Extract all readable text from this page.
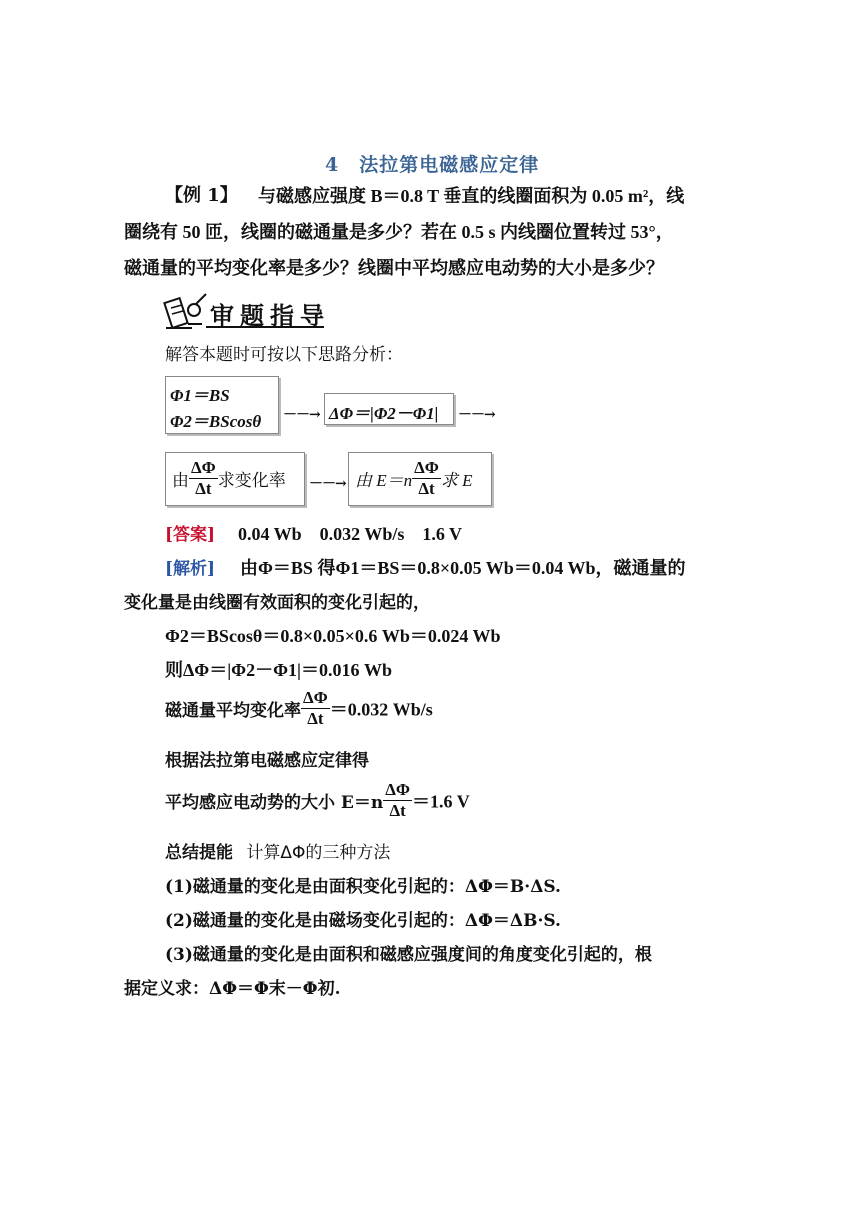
4　法拉第电磁感应定律
【例 1】 与磁感应强度 B＝0.8 T 垂直的线圈面积为 0.05 m²，线
圈绕有 50 匝，线圈的磁通量是多少？若在 0.5 s 内线圈位置转过 53°，
磁通量的平均变化率是多少？线圈中平均感应电动势的大小是多少？
审题指导
解答本题时可按以下思路分析：
Φ1＝BS
Φ2＝BScosθ －－→ ΔΦ＝|Φ2－Φ1| －－→
由 $\frac{\Delta\Phi}{\Delta t}$ 求变化率 －－→ 由 $E=n \frac{\Delta\Phi}{\Delta t}$ 求 E
[答案] 0.04 Wb　0.032 Wb/s　1.6 V
[解析] 由Φ＝BS 得Φ1＝BS＝0.8×0.05 Wb＝0.04 Wb，磁通量的
变化量是由线圈有效面积的变化引起的，
Φ2＝BScosθ＝0.8×0.05×0.6 Wb＝0.024 Wb
则ΔΦ＝|Φ2－Φ1|＝0.016 Wb
磁通量平均变化率 $\frac{\Delta\Phi}{\Delta t} =0.032$ Wb/s
根据法拉第电磁感应定律得
平均感应电动势的大小 $E=n \frac{\Delta\Phi}{\Delta t} =1.6$ V
总结提能 计算ΔΦ的三种方法
(1)磁通量的变化是由面积变化引起的：ΔΦ＝B·ΔS.
(2)磁通量的变化是由磁场变化引起的：ΔΦ＝ΔB·S.
(3)磁通量的变化是由面积和磁感应强度间的角度变化引起的，根
据定义求：ΔΦ＝Φ末－Φ初.
